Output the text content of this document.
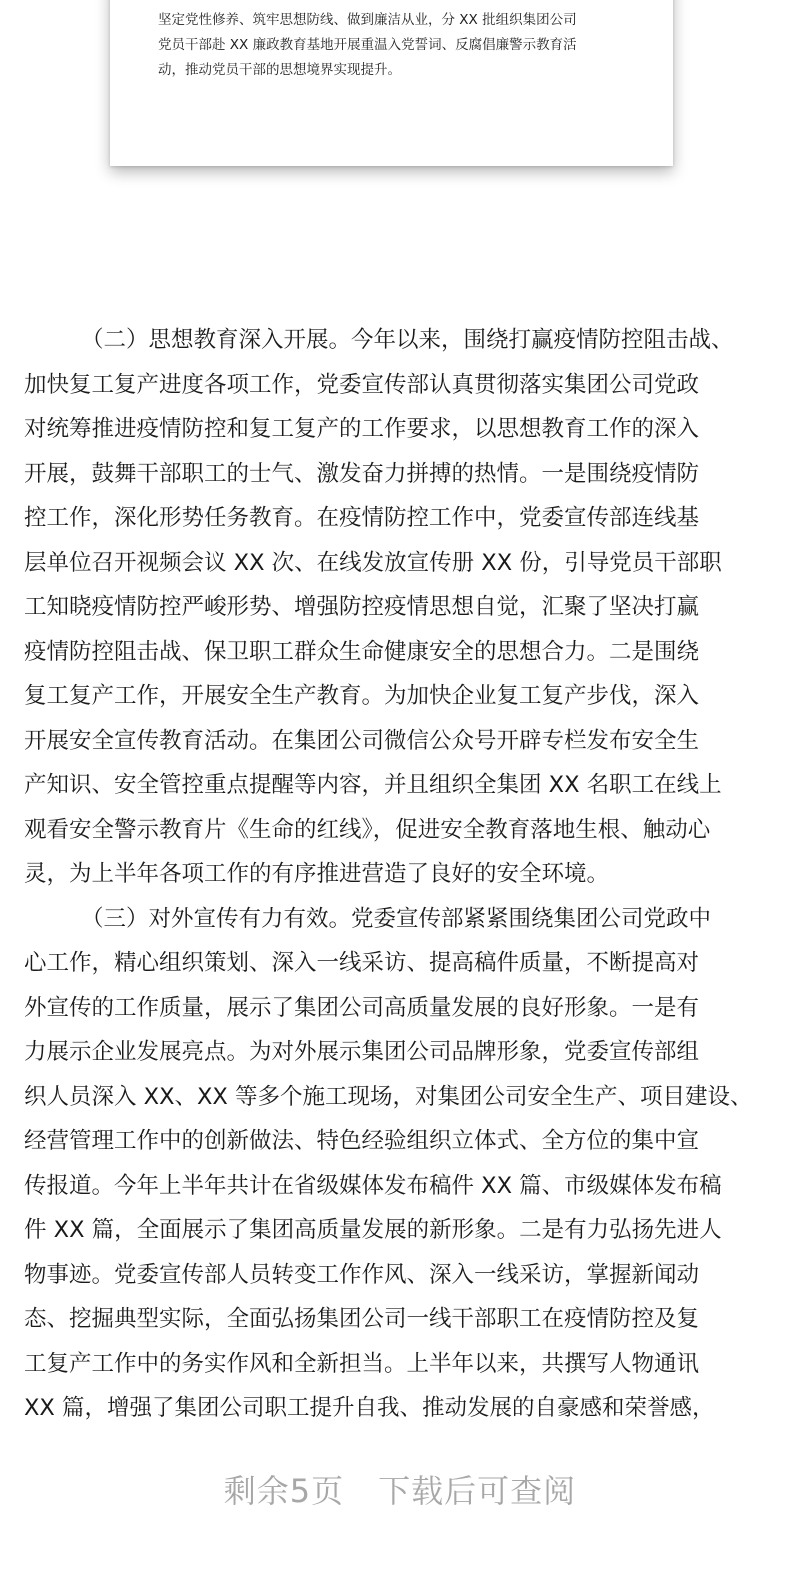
坚定党性修养、筑牢思想防线、做到廉洁从业，分 XX 批组织集团公司
党员干部赴 XX 廉政教育基地开展重温入党誓词、反腐倡廉警示教育活
动，推动党员干部的思想境界实现提升。
（二）思想教育深入开展。今年以来，围绕打赢疫情防控阻击战、
加快复工复产进度各项工作，党委宣传部认真贯彻落实集团公司党政
对统筹推进疫情防控和复工复产的工作要求，以思想教育工作的深入
开展，鼓舞干部职工的士气、激发奋力拼搏的热情。一是围绕疫情防
控工作，深化形势任务教育。在疫情防控工作中，党委宣传部连线基
层单位召开视频会议 XX 次、在线发放宣传册 XX 份，引导党员干部职
工知晓疫情防控严峻形势、增强防控疫情思想自觉，汇聚了坚决打赢
疫情防控阻击战、保卫职工群众生命健康安全的思想合力。二是围绕
复工复产工作，开展安全生产教育。为加快企业复工复产步伐，深入
开展安全宣传教育活动。在集团公司微信公众号开辟专栏发布安全生
产知识、安全管控重点提醒等内容，并且组织全集团 XX 名职工在线上
观看安全警示教育片《生命的红线》，促进安全教育落地生根、触动心
灵，为上半年各项工作的有序推进营造了良好的安全环境。
（三）对外宣传有力有效。党委宣传部紧紧围绕集团公司党政中
心工作，精心组织策划、深入一线采访、提高稿件质量，不断提高对
外宣传的工作质量，展示了集团公司高质量发展的良好形象。一是有
力展示企业发展亮点。为对外展示集团公司品牌形象，党委宣传部组
织人员深入 XX、XX 等多个施工现场，对集团公司安全生产、项目建设、
经营管理工作中的创新做法、特色经验组织立体式、全方位的集中宣
传报道。今年上半年共计在省级媒体发布稿件 XX 篇、市级媒体发布稿
件 XX 篇，全面展示了集团高质量发展的新形象。二是有力弘扬先进人
物事迹。党委宣传部人员转变工作作风、深入一线采访，掌握新闻动
态、挖掘典型实际，全面弘扬集团公司一线干部职工在疫情防控及复
工复产工作中的务实作风和全新担当。上半年以来，共撰写人物通讯
XX 篇，增强了集团公司职工提升自我、推动发展的自豪感和荣誉感，
剩余5页 下载后可查阅
